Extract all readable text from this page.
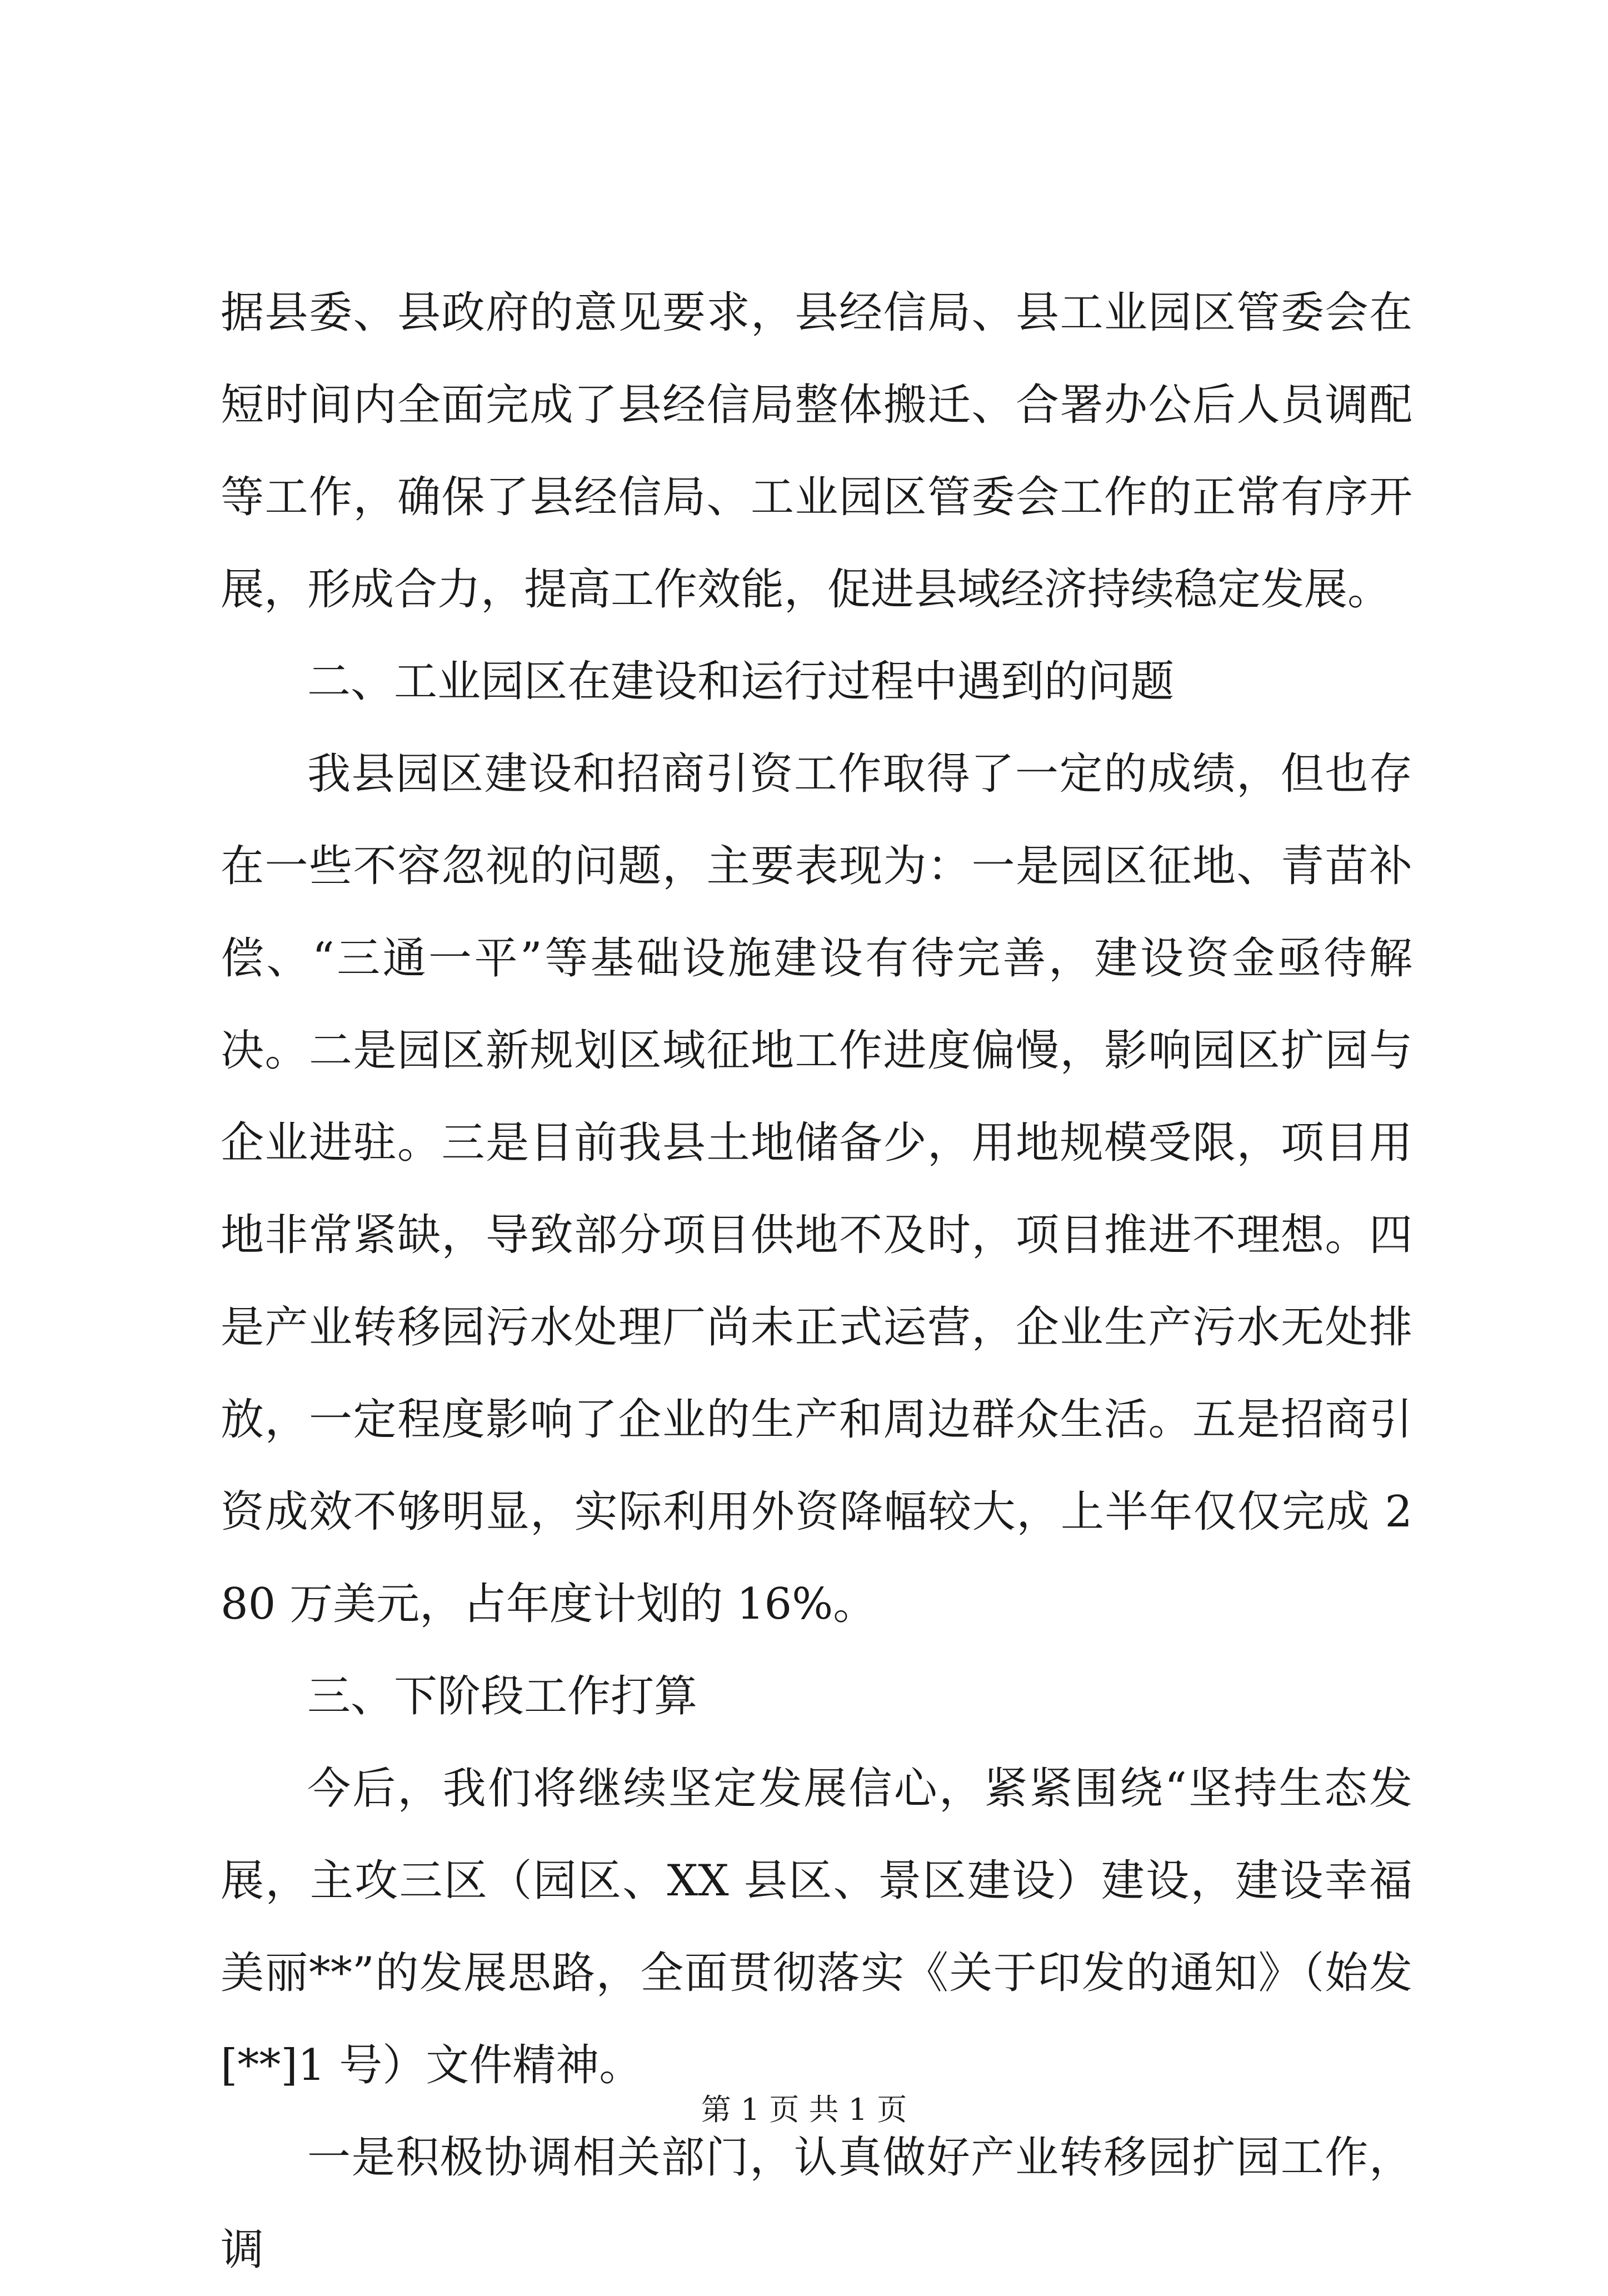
据县委、县政府的意见要求，县经信局、县工业园区管委会在短时间内全面完成了县经信局整体搬迁、合署办公后人员调配等工作，确保了县经信局、工业园区管委会工作的正常有序开展，形成合力，提高工作效能，促进县域经济持续稳定发展。

二、工业园区在建设和运行过程中遇到的问题

我县园区建设和招商引资工作取得了一定的成绩，但也存在一些不容忽视的问题，主要表现为：一是园区征地、青苗补偿、“三通一平”等基础设施建设有待完善，建设资金亟待解决。二是园区新规划区域征地工作进度偏慢，影响园区扩园与企业进驻。三是目前我县土地储备少，用地规模受限，项目用地非常紧缺，导致部分项目供地不及时，项目推进不理想。四是产业转移园污水处理厂尚未正式运营，企业生产污水无处排放，一定程度影响了企业的生产和周边群众生活。五是招商引资成效不够明显，实际利用外资降幅较大，上半年仅仅完成 280 万美元，占年度计划的 16%。

三、下阶段工作打算

今后，我们将继续坚定发展信心，紧紧围绕“坚持生态发展，主攻三区（园区、XX 县区、景区建设）建设，建设幸福美丽**”的发展思路，全面贯彻落实《关于印发的通知》（始发[**]1 号）文件精神。

一是积极协调相关部门，认真做好产业转移园扩园工作，调

第 1 页 共 1 页
